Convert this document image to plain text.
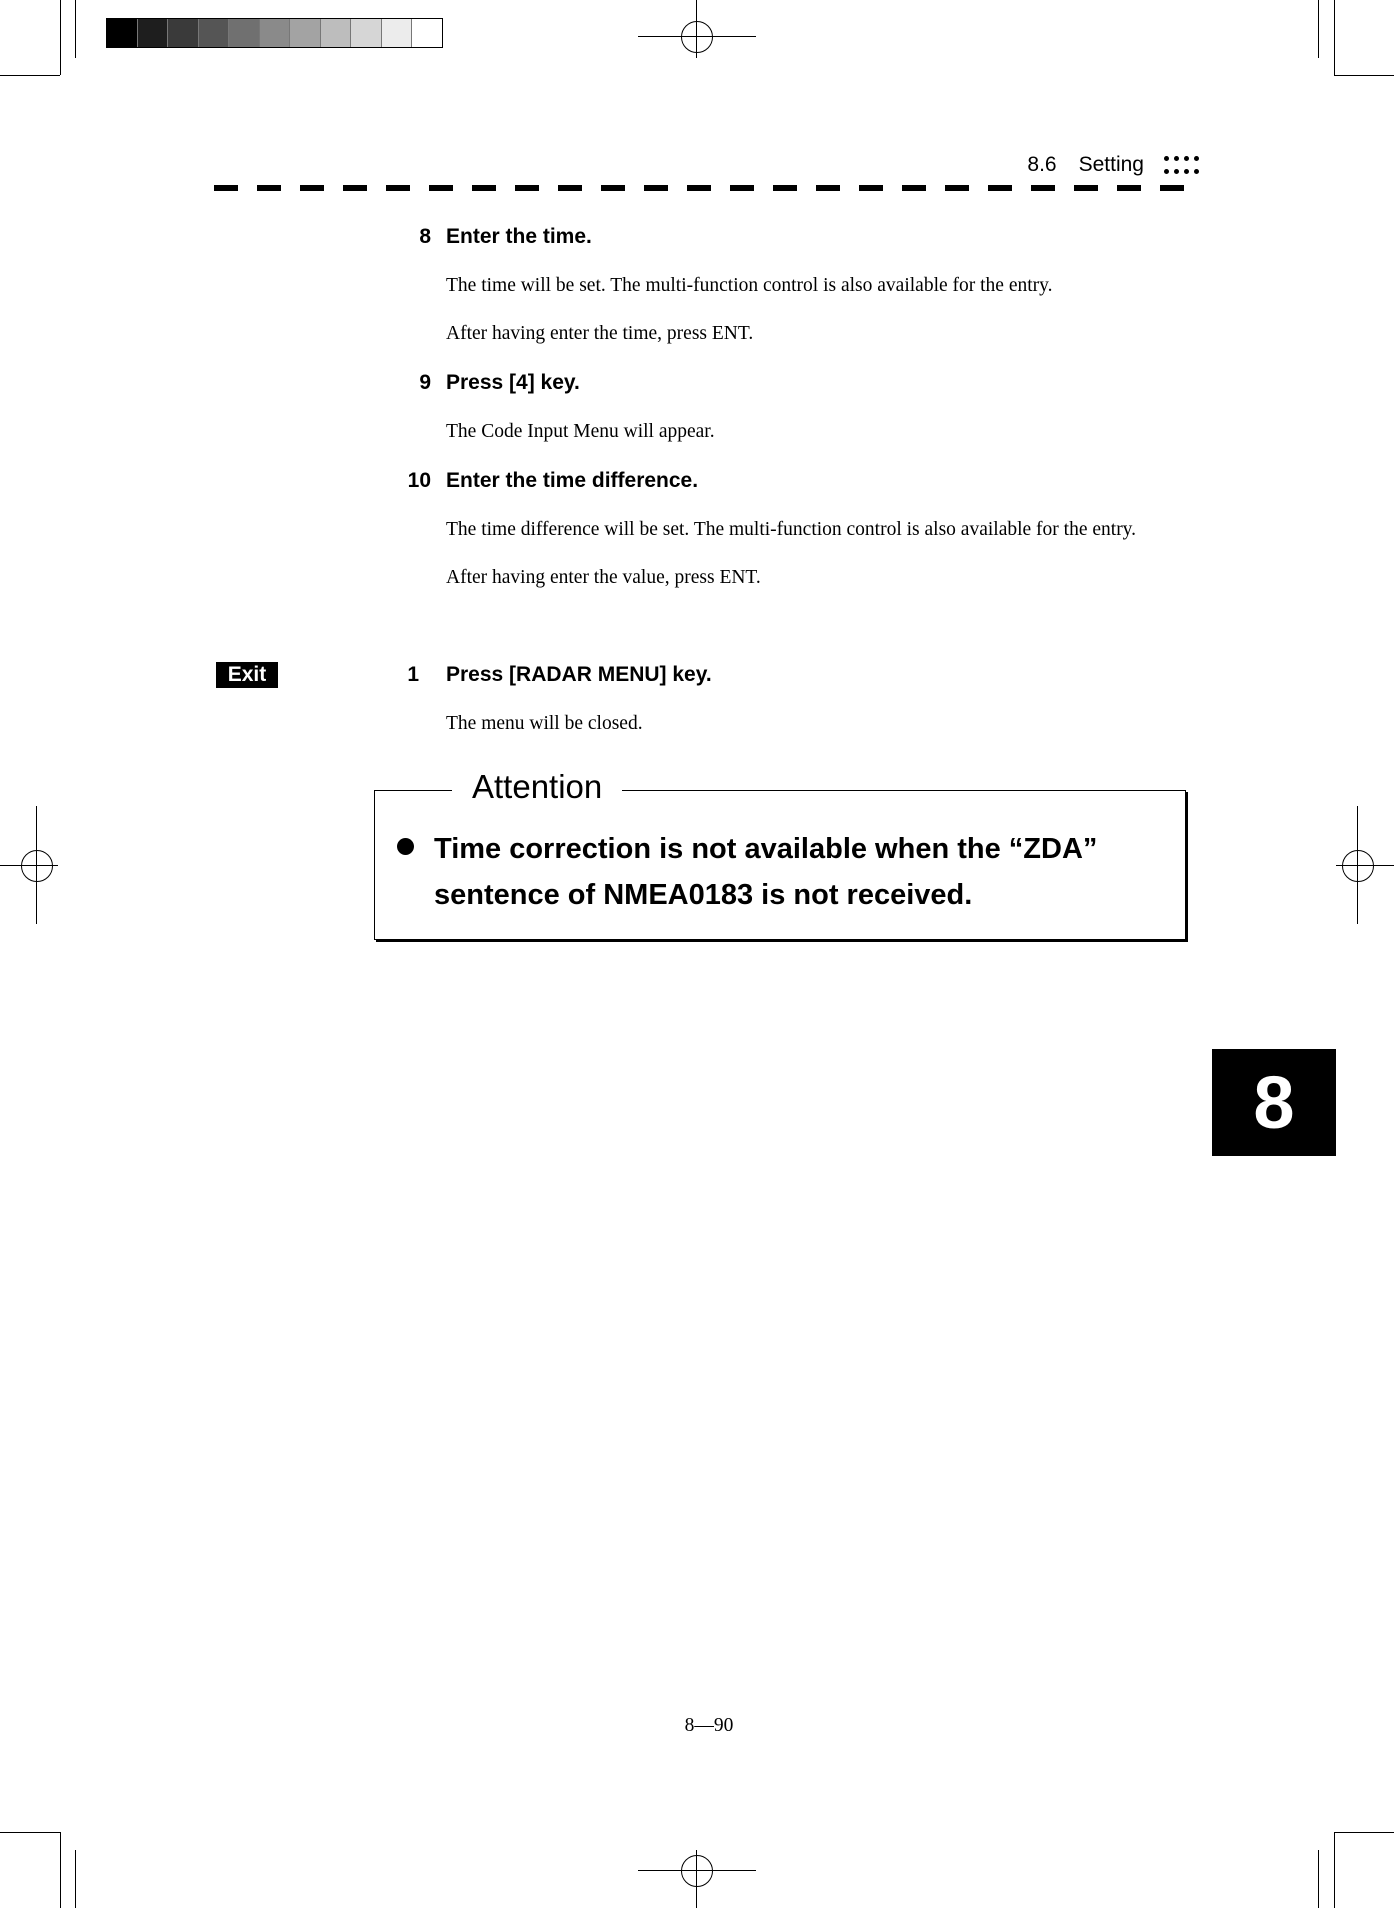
8.6 Setting
8 Enter the time.
The time will be set. The multi-function control is also available for the entry.
After having enter the time, press ENT.
9 Press [4] key.
The Code Input Menu will appear.
10 Enter the time difference.
The time difference will be set. The multi-function control is also available for the entry.
After having enter the value, press ENT.
Exit	1 Press [RADAR MENU] key.
The menu will be closed.
Attention
Time correction is not available when the “ZDA” sentence of NMEA0183 is not received.
8
8―90
